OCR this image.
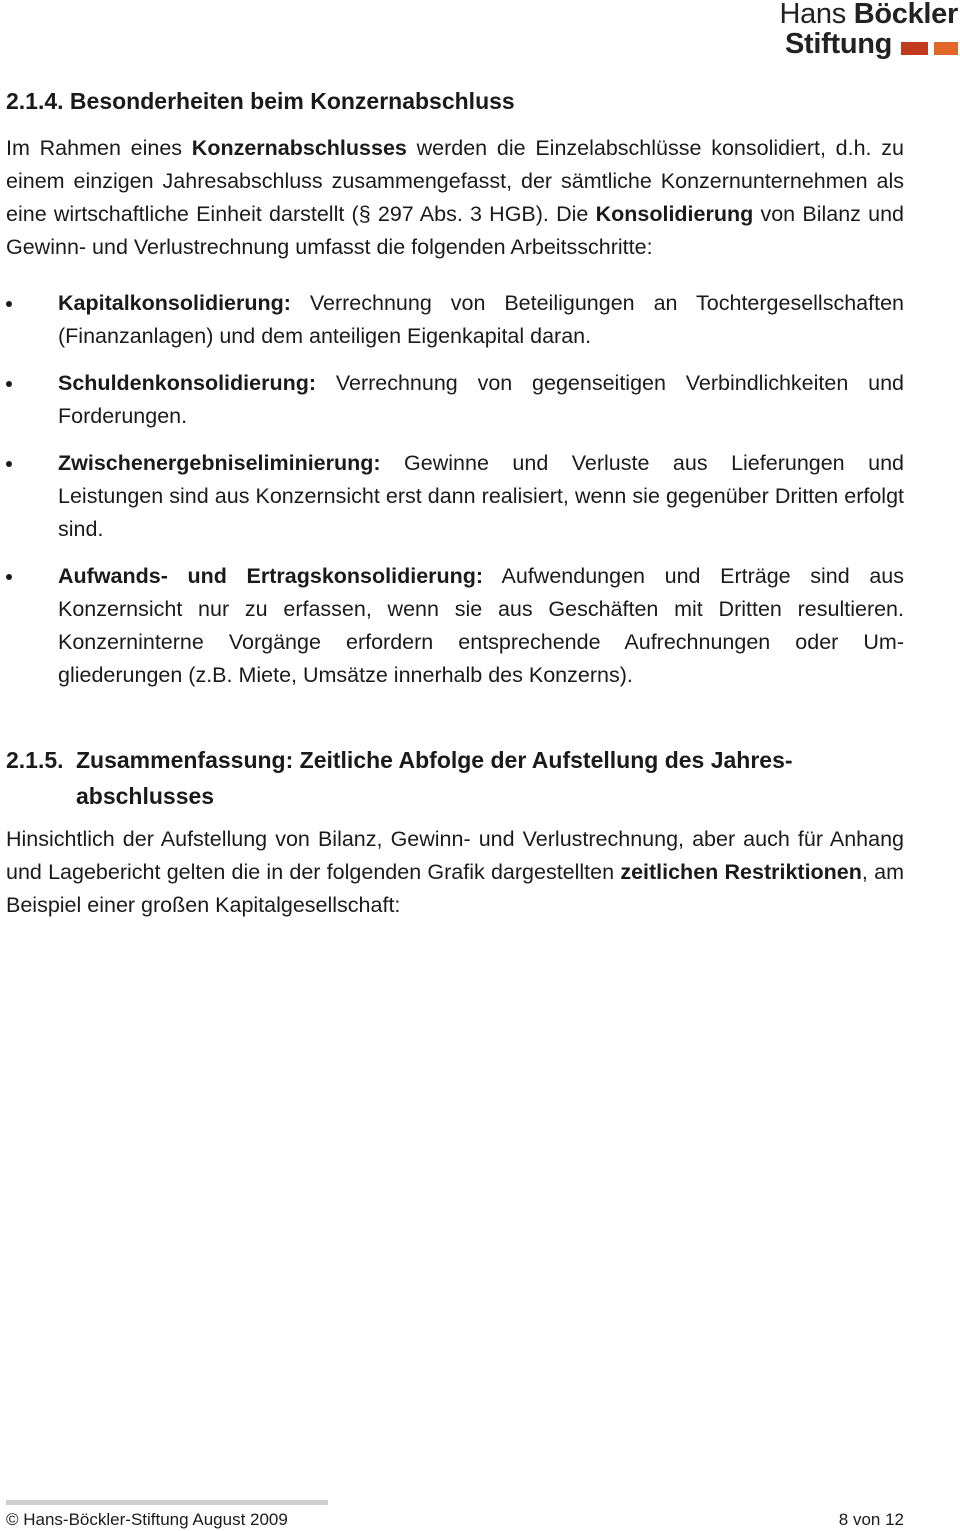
Hans Böckler
Stiftung
2.1.4. Besonderheiten beim Konzernabschluss

Im Rahmen eines Konzernabschlusses werden die Einzelabschlüsse konsolidiert, d.h. zu einem einzigen Jahresabschluss zusammengefasst, der sämtliche Konzernunternehmen als eine wirtschaftliche Einheit darstellt (§ 297 Abs. 3 HGB). Die Konsolidierung von Bilanz und Gewinn- und Verlustrechnung umfasst die folgenden Arbeitsschritte:

Kapitalkonsolidierung: Verrechnung von Beteiligungen an Tochtergesellschaften (Finanzanlagen) und dem anteiligen Eigenkapital daran.
Schuldenkonsolidierung: Verrechnung von gegenseitigen Verbindlichkeiten und Forderungen.
Zwischenergebniseliminierung: Gewinne und Verluste aus Lieferungen und Leistungen sind aus Konzernsicht erst dann realisiert, wenn sie gegenüber Dritten erfolgt sind.
Aufwands- und Ertragskonsolidierung: Aufwendungen und Erträge sind aus Konzernsicht nur zu erfassen, wenn sie aus Geschäften mit Dritten resultieren. Konzerninterne Vorgänge erfordern entsprechende Aufrechnungen oder Umgliederungen (z.B. Miete, Umsätze innerhalb des Konzerns).
2.1.5. Zusammenfassung: Zeitliche Abfolge der Aufstellung des Jahresabschlusses

Hinsichtlich der Aufstellung von Bilanz, Gewinn- und Verlustrechnung, aber auch für Anhang und Lagebericht gelten die in der folgenden Grafik dargestellten zeitlichen Restriktionen, am Beispiel einer großen Kapitalgesellschaft:

© Hans-Böckler-Stiftung August 2009	8 von 12
